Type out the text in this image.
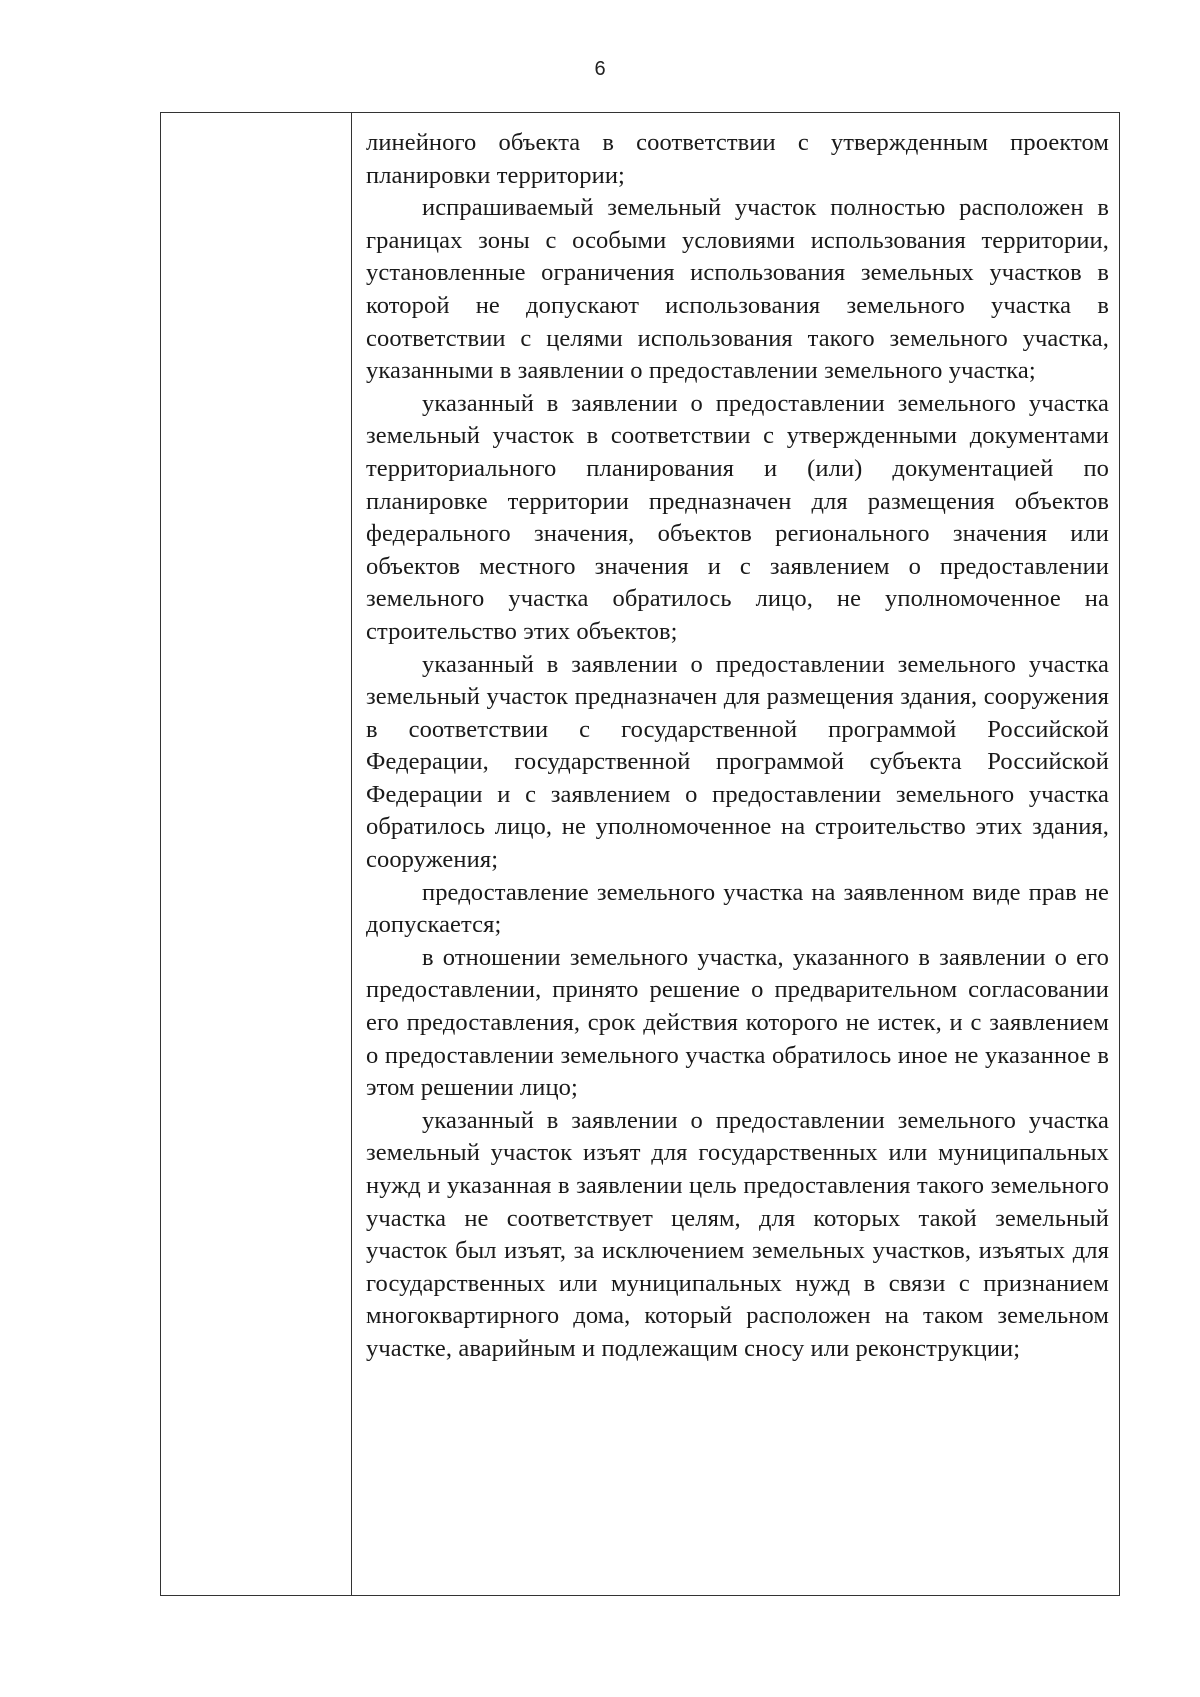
6

линейного объекта в соответствии с утвержденным проектом планировки территории;

испрашиваемый земельный участок полностью расположен в границах зоны с особыми условиями использования территории, установленные ограничения использования земельных участков в которой не допускают использования земельного участка в соответствии с целями использования такого земельного участка, указанными в заявлении о предоставлении земельного участка;

указанный в заявлении о предоставлении земельного участка земельный участок в соответствии с утвержденными документами территориального планирования и (или) документацией по планировке территории предназначен для размещения объектов федерального значения, объектов регионального значения или объектов местного значения и с заявлением о предоставлении земельного участка обратилось лицо, не уполномоченное на строительство этих объектов;

указанный в заявлении о предоставлении земельного участка земельный участок предназначен для размещения здания, сооружения в соответствии с государственной программой Российской Федерации, государственной программой субъекта Российской Федерации и с заявлением о предоставлении земельного участка обратилось лицо, не уполномоченное на строительство этих здания, сооружения;

предоставление земельного участка на заявленном виде прав не допускается;

в отношении земельного участка, указанного в заявлении о его предоставлении, принято решение о предварительном согласовании его предоставления, срок действия которого не истек, и с заявлением о предоставлении земельного участка обратилось иное не указанное в этом решении лицо;

указанный в заявлении о предоставлении земельного участка земельный участок изъят для государственных или муниципальных нужд и указанная в заявлении цель предоставления такого земельного участка не соответствует целям, для которых такой земельный участок был изъят, за исключением земельных участков, изъятых для государственных или муниципальных нужд в связи с признанием многоквартирного дома, который расположен на таком земельном участке, аварийным и подлежащим сносу или реконструкции;
